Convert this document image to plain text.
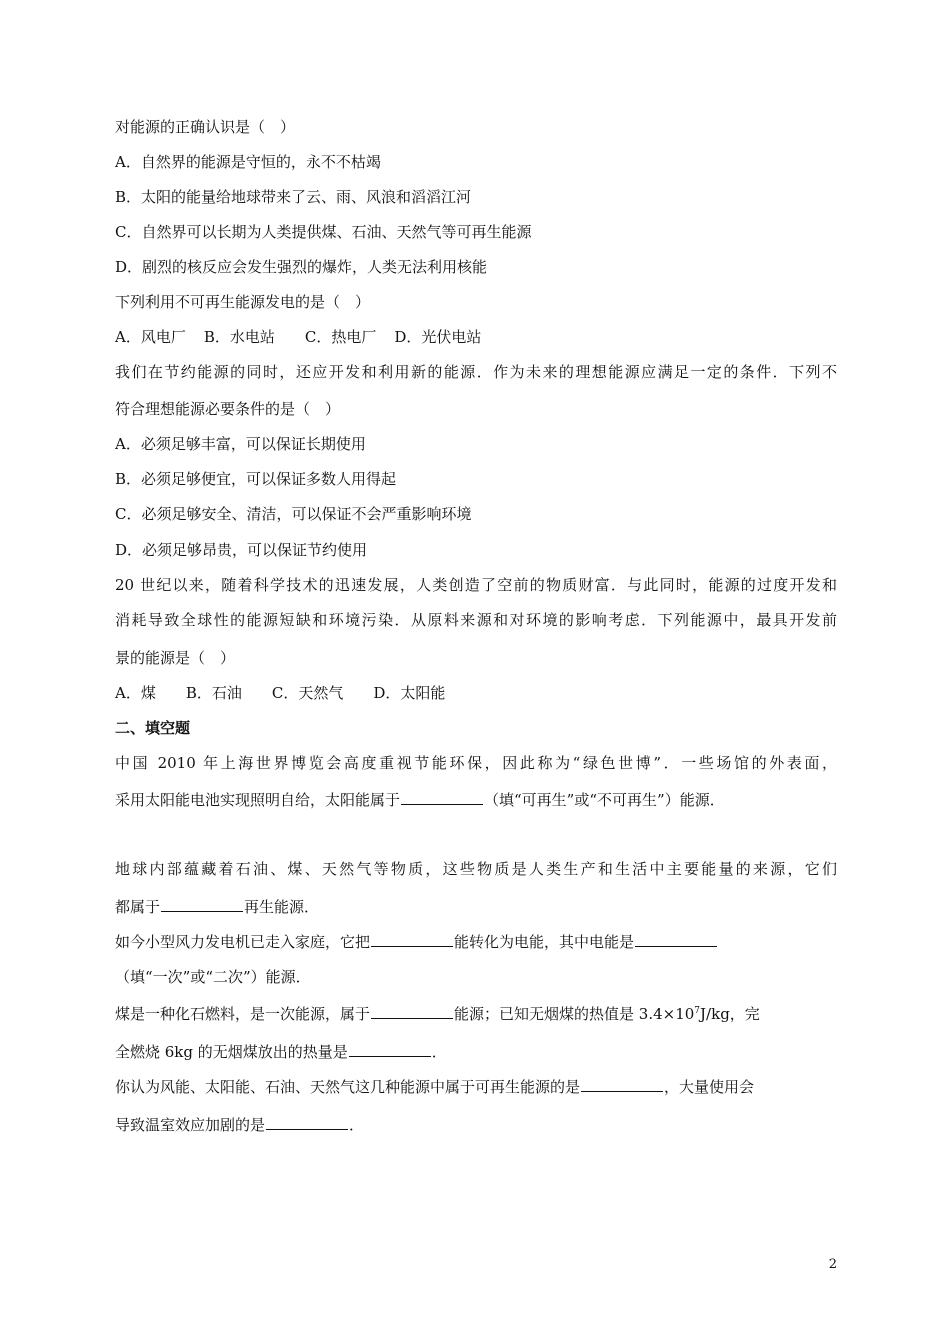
对能源的正确认识是（　）
A．自然界的能源是守恒的，永不不枯竭
B．太阳的能量给地球带来了云、雨、风浪和滔滔江河
C．自然界可以长期为人类提供煤、石油、天然气等可再生能源
D．剧烈的核反应会发生强烈的爆炸，人类无法利用核能
下列利用不可再生能源发电的是（　）
A．风电厂 B．水电站 C．热电厂 D．光伏电站
我们在节约能源的同时，还应开发和利用新的能源．作为未来的理想能源应满足一定的条件．下列不
符合理想能源必要条件的是（　）
A．必须足够丰富，可以保证长期使用
B．必须足够便宜，可以保证多数人用得起
C．必须足够安全、清洁，可以保证不会严重影响环境
D．必须足够昂贵，可以保证节约使用
20 世纪以来，随着科学技术的迅速发展，人类创造了空前的物质财富．与此同时，能源的过度开发和
消耗导致全球性的能源短缺和环境污染．从原料来源和对环境的影响考虑．下列能源中，最具开发前
景的能源是（　）
A．煤 B．石油 C．天然气 D．太阳能
二、填空题
中国 2010 年上海世界博览会高度重视节能环保，因此称为“绿色世博”．一些场馆的外表面，
采用太阳能电池实现照明自给，太阳能属于	（填“可再生”或“不可再生”）能源．
地球内部蕴藏着石油、煤、天然气等物质，这些物质是人类生产和生活中主要能量的来源，它们
都属于	再生能源．
如今小型风力发电机已走入家庭，它把	能转化为电能，其中电能是
（填“一次”或“二次”）能源．
煤是一种化石燃料，是一次能源，属于	能源；已知无烟煤的热值是 $3.4\times 10^7J/kg$，完
全燃烧 6kg 的无烟煤放出的热量是	．
你认为风能、太阳能、石油、天然气这几种能源中属于可再生能源的是	，大量使用会
导致温室效应加剧的是	．
2
